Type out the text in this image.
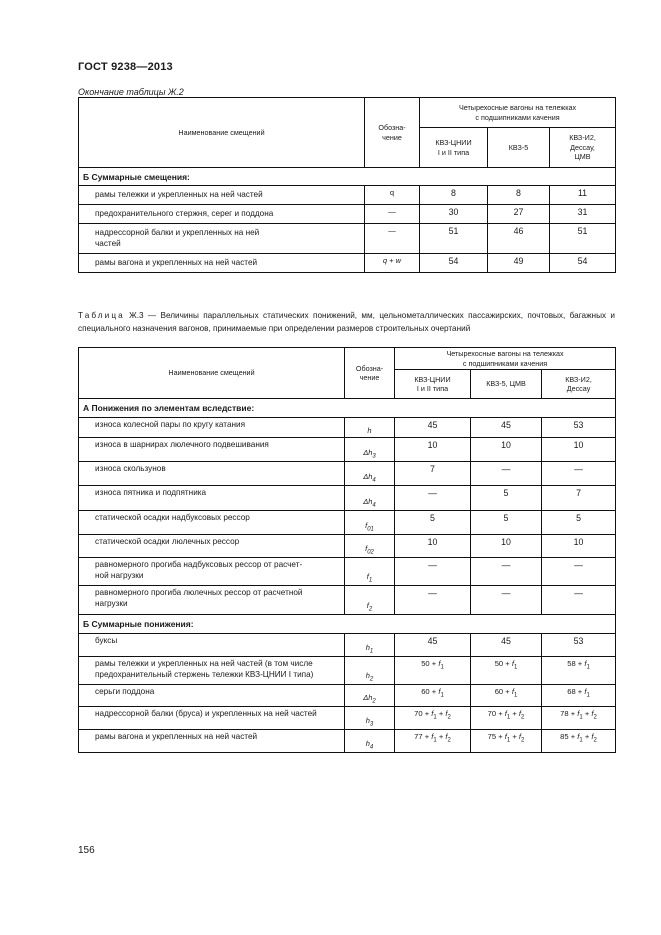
ГОСТ 9238—2013
Окончание таблицы Ж.2
Наименование смещений	Обозна-
чение	Четырехосные вагоны на тележках
с подшипниками качения		
		КВЗ-ЦНИИ
I и II типа	КВЗ-5	КВЗ-И2,
Дессау,
ЦМВ
Б Суммарные смещения:				
рамы тележки и укрепленных на ней частей	q	8	8	11
предохранительного стержня, серег и поддона	—	30	27	31
надрессорной балки и укрепленных на ней
частей	—	51	46	51
рамы вагона и укрепленных на ней частей	q + w	54	49	54
Таблица Ж.3 — Величины параллельных статических понижений, мм, цельнометаллических пассажирских, почтовых, багажных и специального назначения вагонов, принимаемые при определении размеров строительных очертаний
Наименование смещений	Обозна-
чение	Четырехосные вагоны на тележках
с подшипниками качения		
		КВЗ-ЦНИИ
I и II типа	КВЗ-5, ЦМВ	КВЗ-И2,
Дессау
А Понижения по элементам вследствие:				
износа колесной пары по кругу катания	h	45	45	53
износа в шарнирах люлечного подвешивания	$\Delta h_3$	10	10	10
износа скользунов	$\Delta h_4$	7	—	—
износа пятника и подпятника	$\Delta h_4$	—	5	7
статической осадки надбуксовых рессор	$f_{01}$	5	5	5
статической осадки люлечных рессор	$f_{02}$	10	10	10
равномерного прогиба надбуксовых рессор от расчет-
ной нагрузки	$f_1$	—	—	—
равномерного прогиба люлечных рессор от расчетной
нагрузки	$f_2$	—	—	—
Б Суммарные понижения:				
буксы	$h_1$	45	45	53
рамы тележки и укрепленных на ней частей (в том числе
предохранительный стержень тележки КВЗ-ЦНИИ I типа)	$h_2$	$50 + f_1$	$50 + f_1$	$58 + f_1$
серьги поддона	$\Delta h_2$	$60 + f_1$	$60 + f_1$	$68 + f_1$
надрессорной балки (бруса) и укрепленных на ней частей	$h_3$	$70 + f_1 + f_2$	$70 + f_1 + f_2$	$78 + f_1 + f_2$
рамы вагона и укрепленных на ней частей	$h_4$	$77 + f_1 + f_2$	$75 + f_1 + f_2$	$85 + f_1 + f_2$
156
